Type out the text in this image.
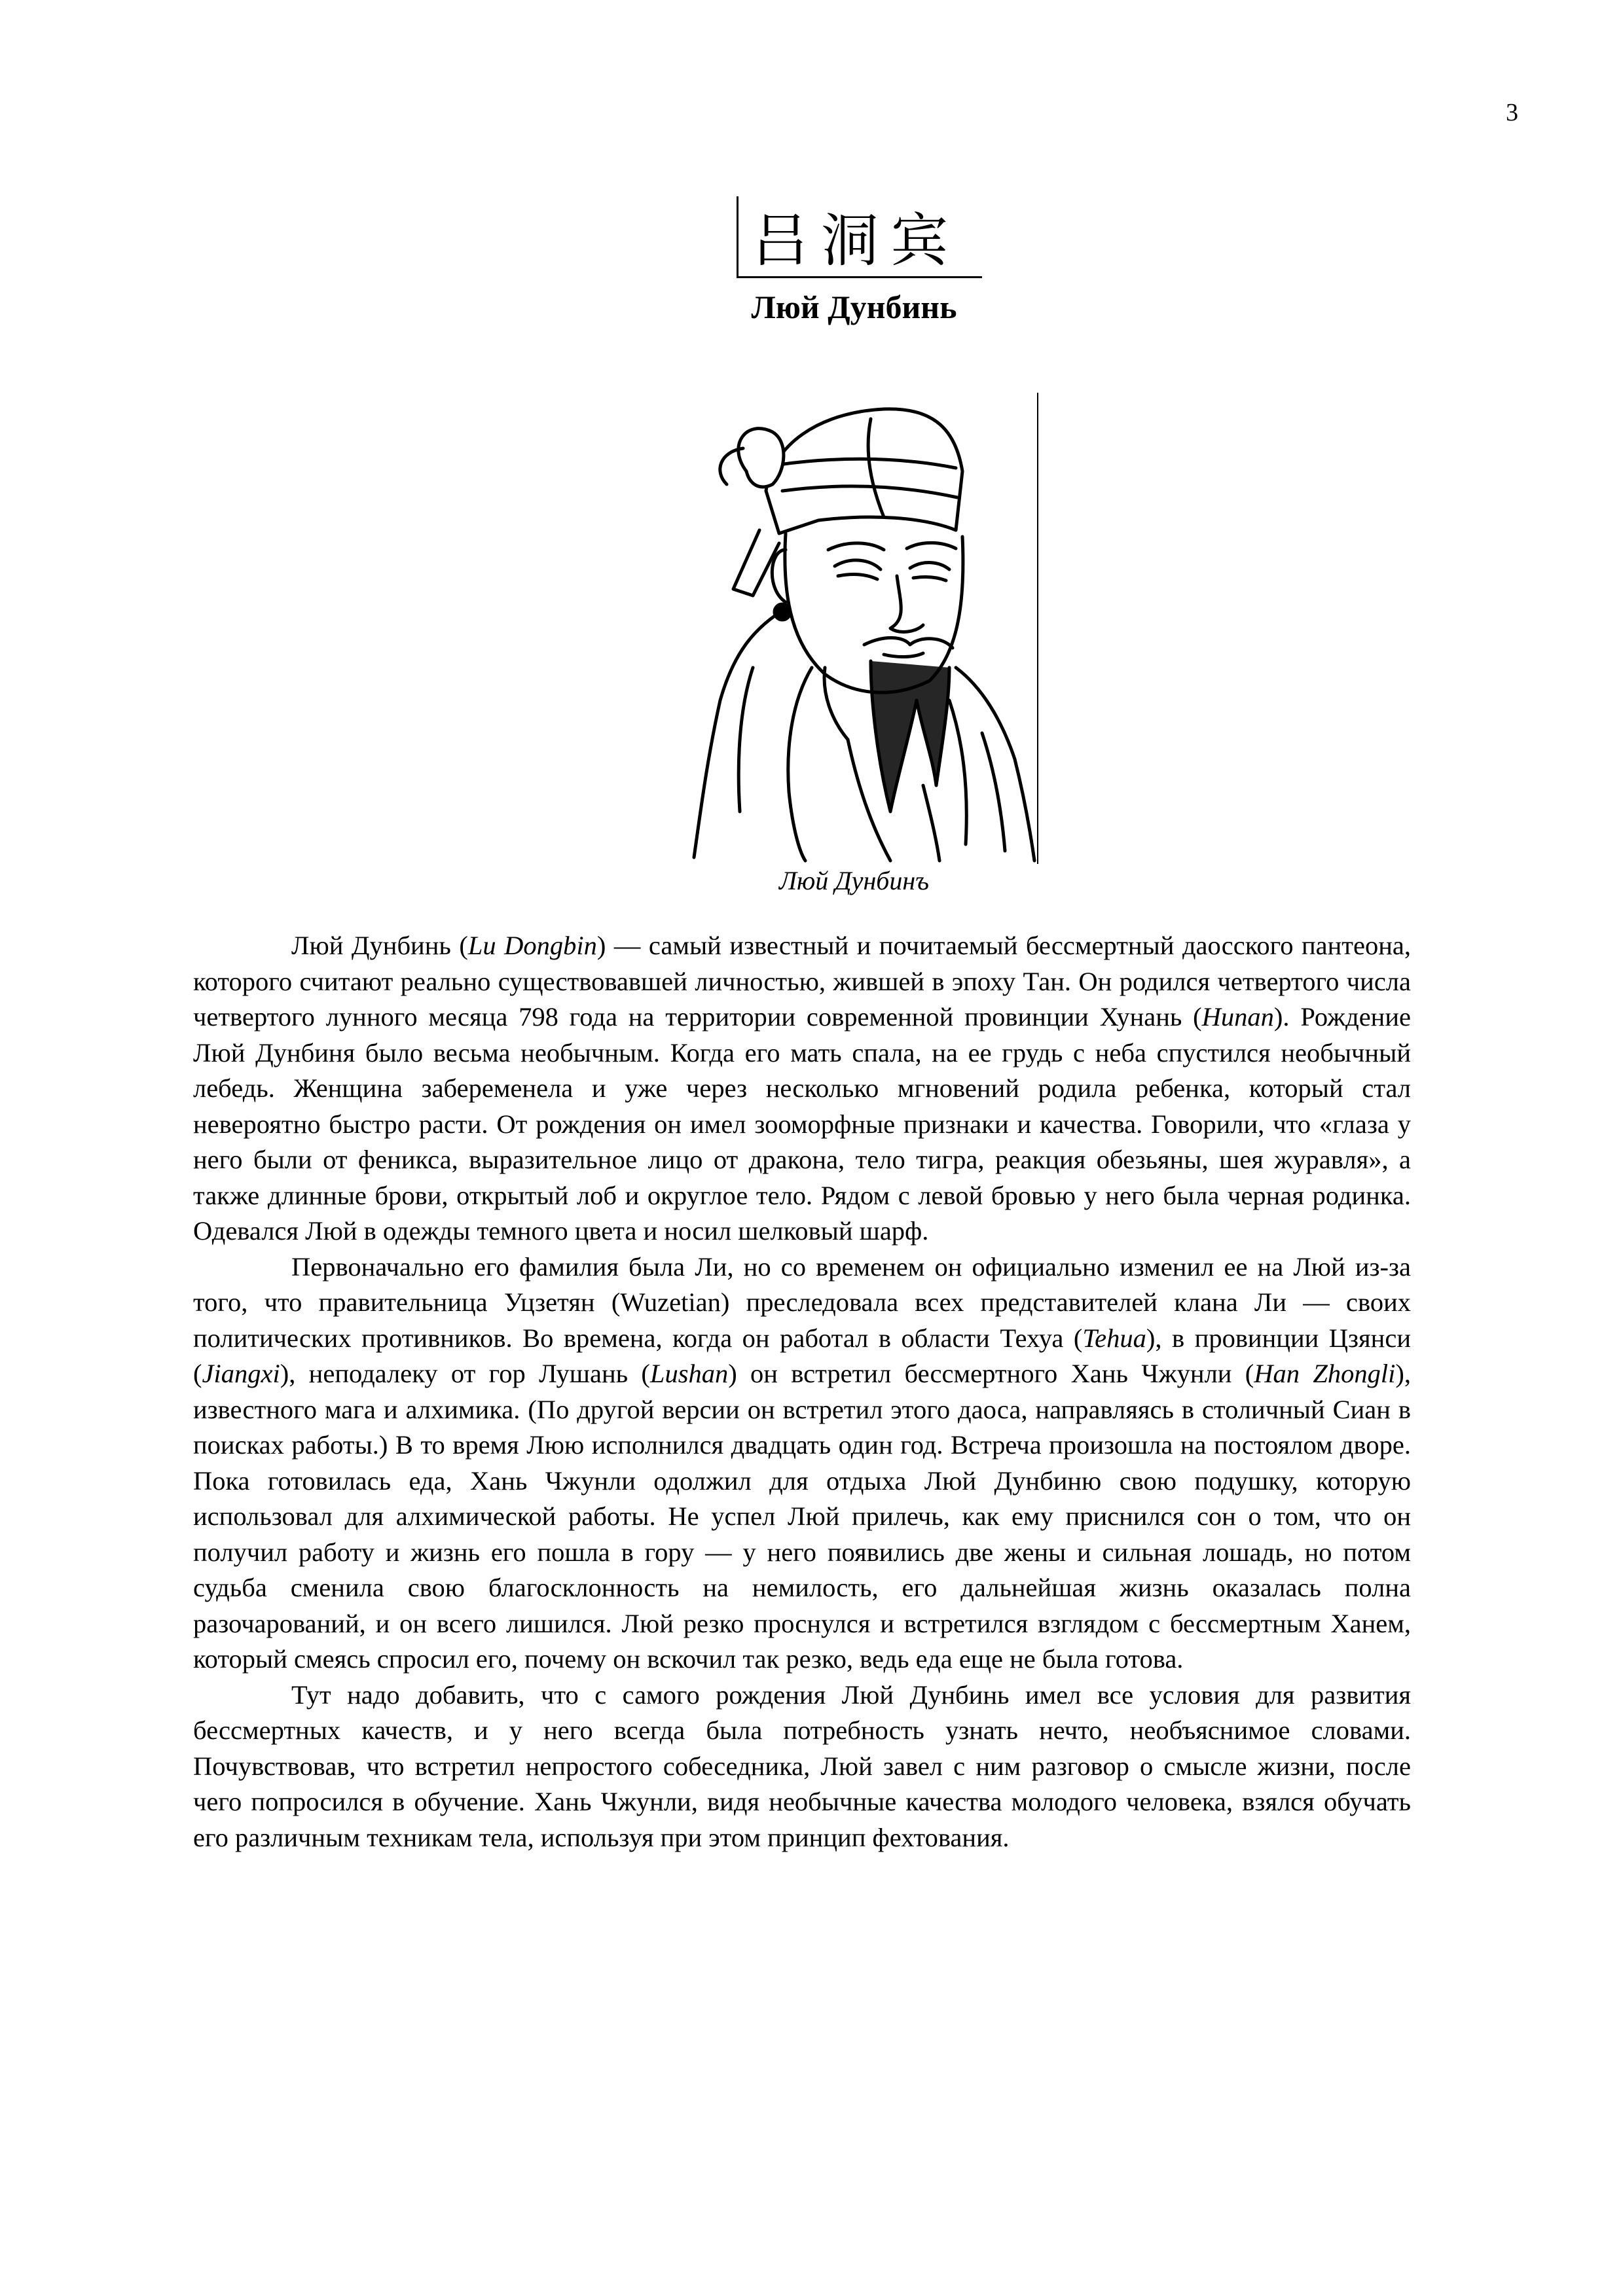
3
吕洞宾
Люй Дунбинь
Люй Дунбинъ

Люй Дунбинь (Lu Dongbin) — самый известный и почитаемый бессмертный даосского пантеона, которого считают реально существовавшей личностью, жившей в эпоху Тан. Он родился четвертого числа четвертого лунного месяца 798 года на территории современной провинции Хунань (Hunan). Рождение Люй Дунбиня было весьма необычным. Когда его мать спала, на ее грудь с неба спустился необычный лебедь. Женщина забеременела и уже через несколько мгновений родила ребенка, который стал невероятно быстро расти. От рождения он имел зооморфные признаки и качества. Говорили, что «глаза у него были от феникса, выразительное лицо от дракона, тело тигра, реакция обезьяны, шея журавля», а также длинные брови, открытый лоб и округлое тело. Рядом с левой бровью у него была черная родинка. Одевался Люй в одежды темного цвета и носил шелковый шарф.

Первоначально его фамилия была Ли, но со временем он официально изменил ее на Люй из-за того, что правительница Уцзетян (Wuzetian) преследовала всех представителей клана Ли — своих политических противников. Во времена, когда он работал в области Техуа (Tehua), в провинции Цзянси (Jiangxi), неподалеку от гор Лушань (Lushan) он встретил бессмертного Хань Чжунли (Han Zhongli), известного мага и алхимика. (По другой версии он встретил этого даоса, направляясь в столичный Сиан в поисках работы.) В то время Люю исполнился двадцать один год. Встреча произошла на постоялом дворе. Пока готовилась еда, Хань Чжунли одолжил для отдыха Люй Дунбиню свою подушку, которую использовал для алхимической работы. Не успел Люй прилечь, как ему приснился сон о том, что он получил работу и жизнь его пошла в гору — у него появились две жены и сильная лошадь, но потом судьба сменила свою благосклонность на немилость, его дальнейшая жизнь оказалась полна разочарований, и он всего лишился. Люй резко проснулся и встретился взглядом с бессмертным Ханем, который смеясь спросил его, почему он вскочил так резко, ведь еда еще не была готова.

Тут надо добавить, что с самого рождения Люй Дунбинь имел все условия для развития бессмертных качеств, и у него всегда была потребность узнать нечто, необъяснимое словами. Почувствовав, что встретил непростого собеседника, Люй завел с ним разговор о смысле жизни, после чего попросился в обучение. Хань Чжунли, видя необычные качества молодого человека, взялся обучать его различным техникам тела, используя при этом принцип фехтования.
